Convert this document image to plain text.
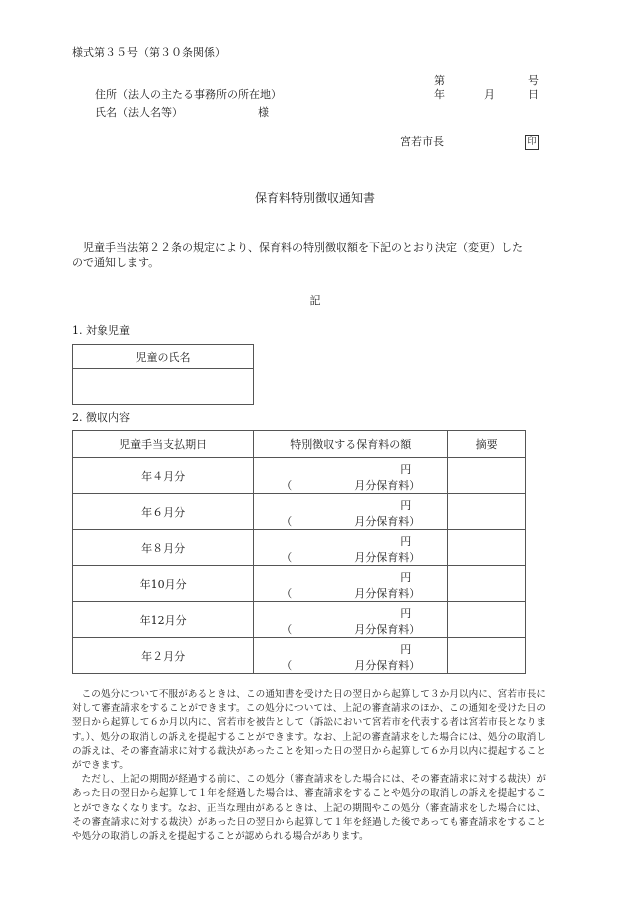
様式第３５号（第３０条関係）
第	号
住所（法人の主たる事務所の所在地）	年	月	日
氏名（法人名等）	様
宮若市長	印
保育料特別徴収通知書
児童手当法第２２条の規定により、保育料の特別徴収額を下記のとおり決定（変更）した
ので通知します。
記
1. 対象児童
児童の氏名

2. 徴収内容
児童手当支払期日	特別徴収する保育料の額	摘要
年４月分	円
（ 月分保育料）	

年６月分	円
（ 月分保育料）	

年８月分	円
（ 月分保育料）	

年10月分	円
（ 月分保育料）	

年12月分	円
（ 月分保育料）	

年２月分	円
（ 月分保育料）	

この処分について不服があるときは、この通知書を受けた日の翌日から起算して３か月以内に、宮若市長に対して審査請求をすることができます。この処分については、上記の審査請求のほか、この通知を受けた日の翌日から起算して６か月以内に、宮若市を被告として（訴訟において宮若市を代表する者は宮若市長となります。）、処分の取消しの訴えを提起することができます。なお、上記の審査請求をした場合には、処分の取消しの訴えは、その審査請求に対する裁決があったことを知った日の翌日から起算して６か月以内に提起することができます。

ただし、上記の期間が経過する前に、この処分（審査請求をした場合には、その審査請求に対する裁決）があった日の翌日から起算して１年を経過した場合は、審査請求をすることや処分の取消しの訴えを提起することができなくなります。なお、正当な理由があるときは、上記の期間やこの処分（審査請求をした場合には、その審査請求に対する裁決）があった日の翌日から起算して１年を経過した後であっても審査請求をすることや処分の取消しの訴えを提起することが認められる場合があります。
